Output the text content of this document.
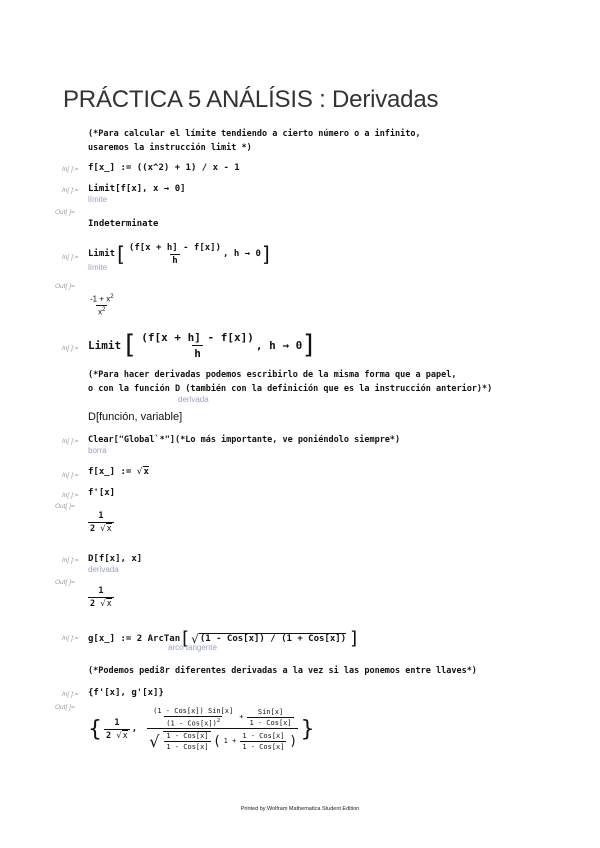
PRÁCTICA 5 ANÁLÍSIS : Derivadas
(*Para calcular el límite tendiendo a cierto número o a infinito,
usaremos la instrucción limit *)
In[ ]:= f[x_] := ((x^2) + 1) / x - 1
In[ ]:= Limit[f[x], x → 0]
límite
Out[ ]=
Indeterminate
In[ ]:= Limit [ $\frac{(f[x + h] - f[x])}{h}$ , h → 0 ]
límite
Out[ ]=
$\frac{-1 + x^2}{x^2}$
In[ ]:= Limit [ $\frac{(f[x + h] - f[x])}{h}$ , h → 0 ]
(*Para hacer derivadas podemos escribirlo de la misma forma que a papel,
o con la función D (también con la definición que es la instrucción anterior)*)
derivada
D[función, variable]
In[ ]:= Clear["Global`*"](*Lo más importante, ve poniéndolo siempre*)
borra
In[ ]:= f[x_] := √x
In[ ]:= f'[x]
Out[ ]=
$\frac{1}{2 √x}$
In[ ]:= D[f[x], x]
derivada
Out[ ]=
$\frac{1}{2 √x}$
In[ ]:= g[x_] := 2 ArcTan [ √ (1 - Cos[x]) / (1 + Cos[x]) ]
arco tangente
(*Podemos pedi8r diferentes derivadas a la vez si las ponemos entre llaves*)
In[ ]:= {f'[x], g'[x]}
Out[ ]=
{ $\frac{1}{2 √x}$ ,
$\frac{\text{(1 - Cos[x]) Sin[x]}}{(1 - Cos[x])^2} + \frac{\text{Sin[x]}}{\text{1 - Cos[x]}}$
√ $\frac{\text{1 - Cos[x]}}{\text{1 - Cos[x]}}$ ( $1 + \frac{\text{1 - Cos[x]}}{\text{1 - Cos[x]}}$ ) }
Printed by Wolfram Mathematica Student Edition
